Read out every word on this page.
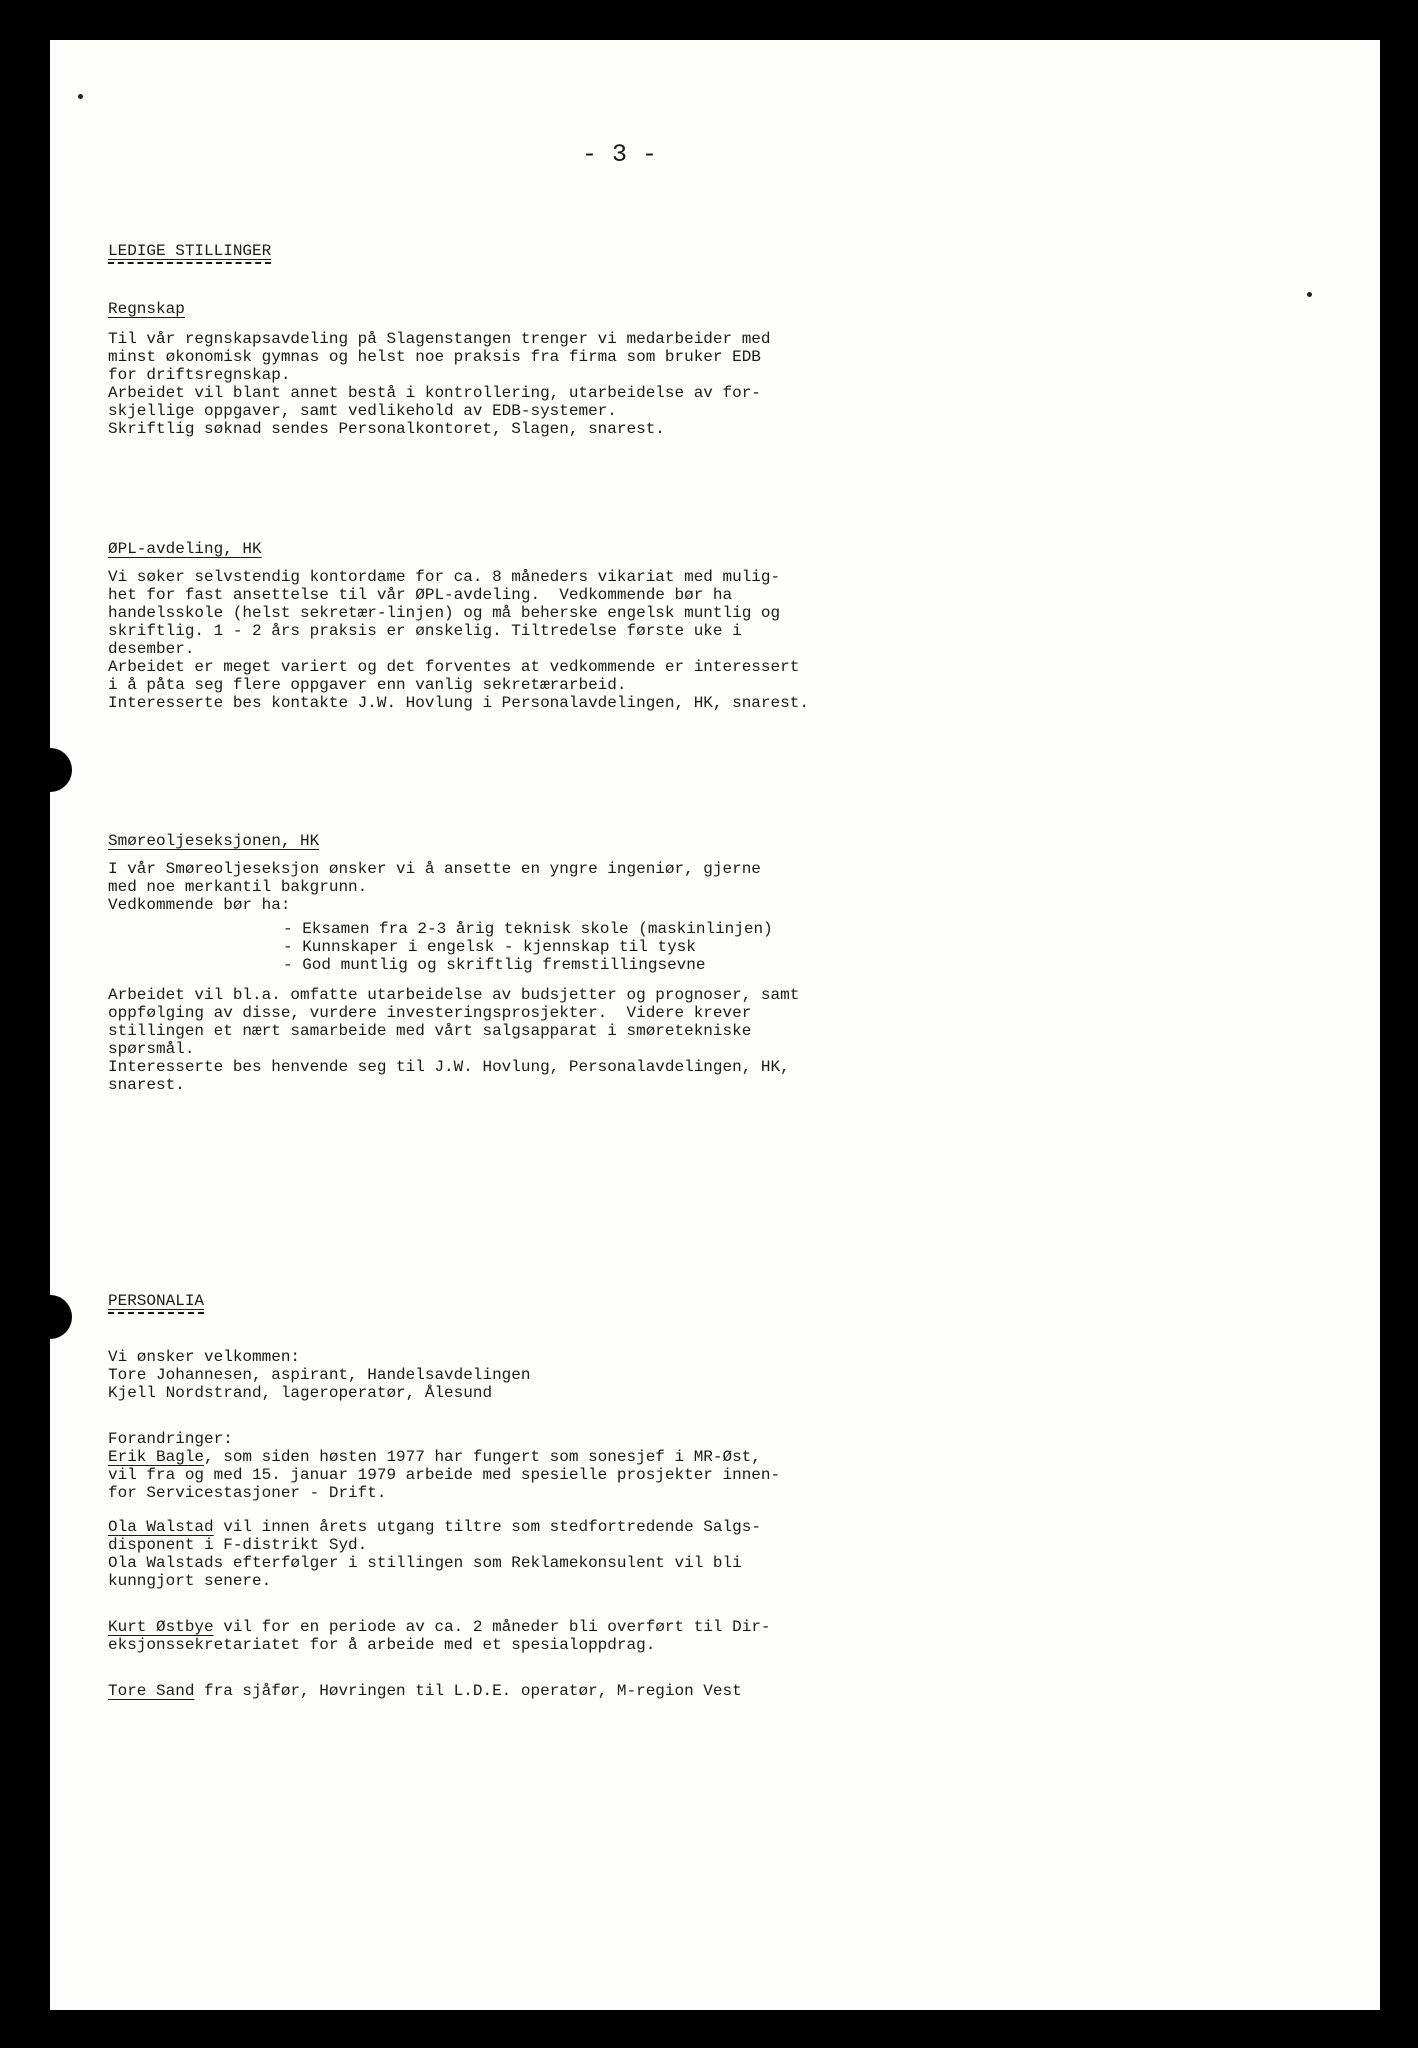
- 3 -
LEDIGE STILLINGER
Regnskap
Til vår regnskapsavdeling på Slagenstangen trenger vi medarbeider med
minst økonomisk gymnas og helst noe praksis fra firma som bruker EDB
for driftsregnskap.
Arbeidet vil blant annet bestå i kontrollering, utarbeidelse av for-
skjellige oppgaver, samt vedlikehold av EDB-systemer.
Skriftlig søknad sendes Personalkontoret, Slagen, snarest.
ØPL-avdeling, HK
Vi søker selvstendig kontordame for ca. 8 måneders vikariat med mulig-
het for fast ansettelse til vår ØPL-avdeling.  Vedkommende bør ha
handelsskole (helst sekretær-linjen) og må beherske engelsk muntlig og
skriftlig. 1 - 2 års praksis er ønskelig. Tiltredelse første uke i
desember.
Arbeidet er meget variert og det forventes at vedkommende er interessert
i å påta seg flere oppgaver enn vanlig sekretærarbeid.
Interesserte bes kontakte J.W. Hovlung i Personalavdelingen, HK, snarest.
Smøreoljeseksjonen, HK
I vår Smøreoljeseksjon ønsker vi å ansette en yngre ingeniør, gjerne
med noe merkantil bakgrunn.
Vedkommende bør ha:
- Eksamen fra 2-3 årig teknisk skole (maskinlinjen)
- Kunnskaper i engelsk - kjennskap til tysk
- God muntlig og skriftlig fremstillingsevne
Arbeidet vil bl.a. omfatte utarbeidelse av budsjetter og prognoser, samt
oppfølging av disse, vurdere investeringsprosjekter.  Videre krever
stillingen et nært samarbeide med vårt salgsapparat i smøretekniske
spørsmål.
Interesserte bes henvende seg til J.W. Hovlung, Personalavdelingen, HK,
snarest.
PERSONALIA
Vi ønsker velkommen:
Tore Johannesen, aspirant, Handelsavdelingen
Kjell Nordstrand, lageroperatør, Ålesund
Forandringer:
Erik Bagle, som siden høsten 1977 har fungert som sonesjef i MR-Øst,
vil fra og med 15. januar 1979 arbeide med spesielle prosjekter innen-
for Servicestasjoner - Drift.
Ola Walstad vil innen årets utgang tiltre som stedfortredende Salgs-
disponent i F-distrikt Syd.
Ola Walstads efterfølger i stillingen som Reklamekonsulent vil bli
kunngjort senere.
Kurt Østbye vil for en periode av ca. 2 måneder bli overført til Dir-
eksjonssekretariatet for å arbeide med et spesialoppdrag.
Tore Sand fra sjåfør, Høvringen til L.D.E. operatør, M-region Vest
